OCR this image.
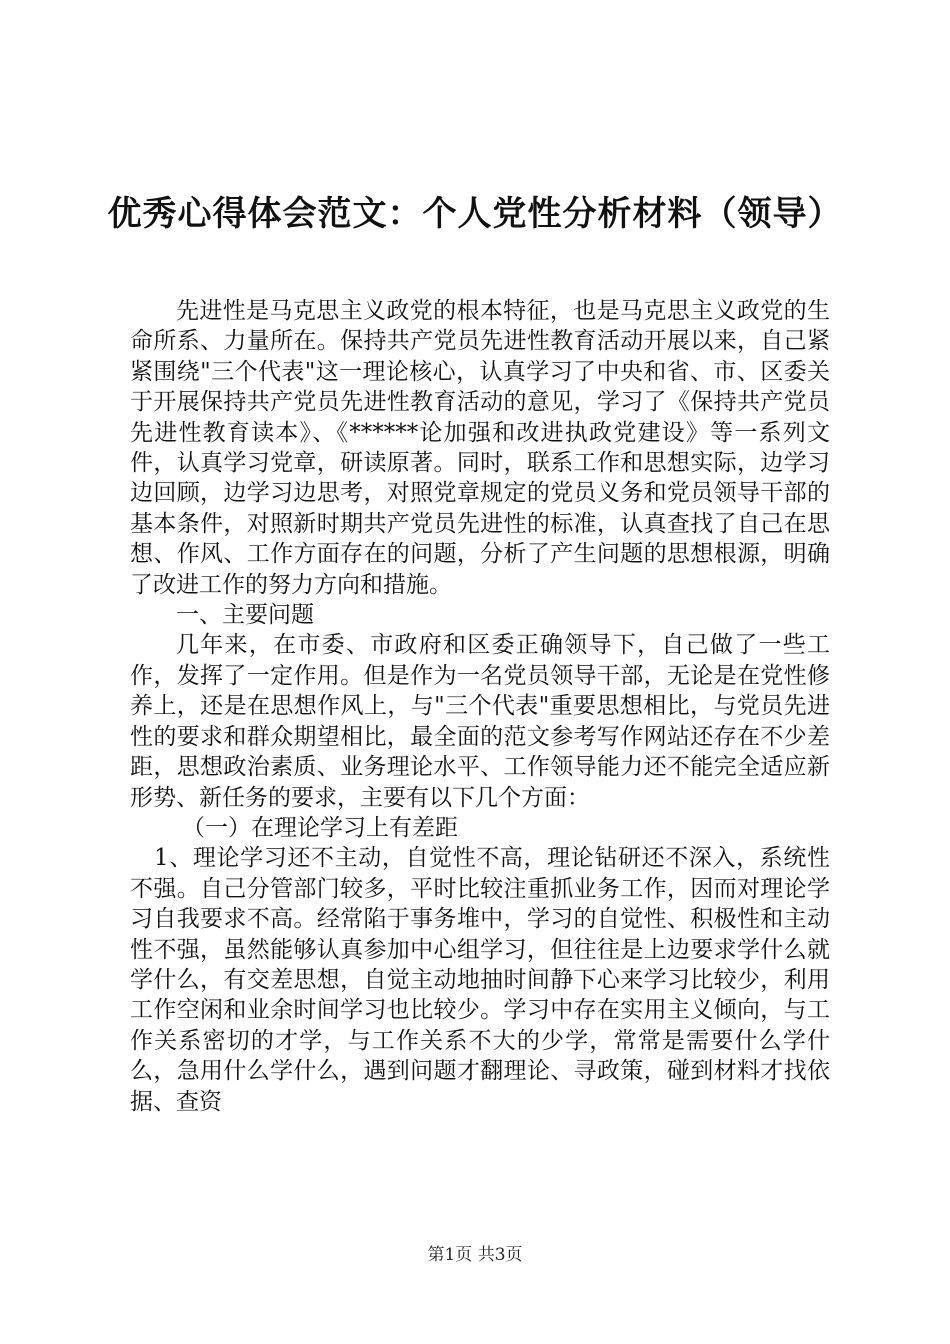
优秀心得体会范文：个人党性分析材料（领导）

先进性是马克思主义政党的根本特征，也是马克思主义政党的生命所系、力量所在。保持共产党员先进性教育活动开展以来，自己紧紧围绕"三个代表"这一理论核心，认真学习了中央和省、市、区委关于开展保持共产党员先进性教育活动的意见，学习了《保持共产党员先进性教育读本》、《******论加强和改进执政党建设》等一系列文件，认真学习党章，研读原著。同时，联系工作和思想实际，边学习边回顾，边学习边思考，对照党章规定的党员义务和党员领导干部的基本条件，对照新时期共产党员先进性的标准，认真查找了自己在思想、作风、工作方面存在的问题，分析了产生问题的思想根源，明确了改进工作的努力方向和措施。

一、主要问题

几年来，在市委、市政府和区委正确领导下，自己做了一些工作，发挥了一定作用。但是作为一名党员领导干部，无论是在党性修养上，还是在思想作风上，与"三个代表"重要思想相比，与党员先进性的要求和群众期望相比，最全面的范文参考写作网站还存在不少差距，思想政治素质、业务理论水平、工作领导能力还不能完全适应新形势、新任务的要求，主要有以下几个方面：

（一）在理论学习上有差距

1、理论学习还不主动，自觉性不高，理论钻研还不深入，系统性不强。自己分管部门较多，平时比较注重抓业务工作，因而对理论学习自我要求不高。经常陷于事务堆中，学习的自觉性、积极性和主动性不强，虽然能够认真参加中心组学习，但往往是上边要求学什么就学什么，有交差思想，自觉主动地抽时间静下心来学习比较少，利用工作空闲和业余时间学习也比较少。学习中存在实用主义倾向，与工作关系密切的才学，与工作关系不大的少学，常常是需要什么学什么，急用什么学什么，遇到问题才翻理论、寻政策，碰到材料才找依据、查资

第1页 共3页
